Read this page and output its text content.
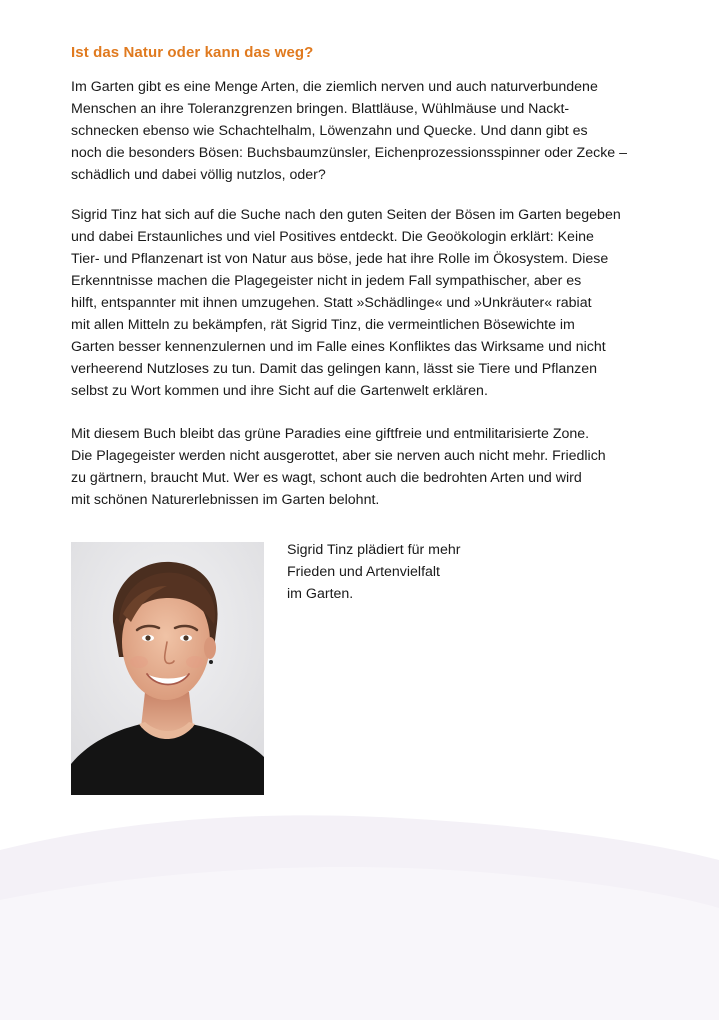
Ist das Natur oder kann das weg?

Im Garten gibt es eine Menge Arten, die ziemlich nerven und auch naturverbundene
Menschen an ihre Toleranzgrenzen bringen. Blattläuse, Wühlmäuse und Nackt-
schnecken ebenso wie Schachtelhalm, Löwenzahn und Quecke. Und dann gibt es
noch die besonders Bösen: Buchsbaumzünsler, Eichenprozessionsspinner oder Zecke –
schädlich und dabei völlig nutzlos, oder?

Sigrid Tinz hat sich auf die Suche nach den guten Seiten der Bösen im Garten begeben
und dabei Erstaunliches und viel Positives entdeckt. Die Geoökologin erklärt: Keine
Tier- und Pflanzenart ist von Natur aus böse, jede hat ihre Rolle im Ökosystem. Diese
Erkenntnisse machen die Plagegeister nicht in jedem Fall sympathischer, aber es
hilft, entspannter mit ihnen umzugehen. Statt »Schädlinge« und »Unkräuter« rabiat
mit allen Mitteln zu bekämpfen, rät Sigrid Tinz, die vermeintlichen Bösewichte im
Garten besser kennenzulernen und im Falle eines Konfliktes das Wirksame und nicht
verheerend Nutzloses zu tun. Damit das gelingen kann, lässt sie Tiere und Pflanzen
selbst zu Wort kommen und ihre Sicht auf die Gartenwelt erklären.

Mit diesem Buch bleibt das grüne Paradies eine giftfreie und entmilitarisierte Zone.
Die Plagegeister werden nicht ausgerottet, aber sie nerven auch nicht mehr. Friedlich
zu gärtnern, braucht Mut. Wer es wagt, schont auch die bedrohten Arten und wird
mit schönen Naturerlebnissen im Garten belohnt.

Sigrid Tinz plädiert für mehr
Frieden und Artenvielfalt
im Garten.
